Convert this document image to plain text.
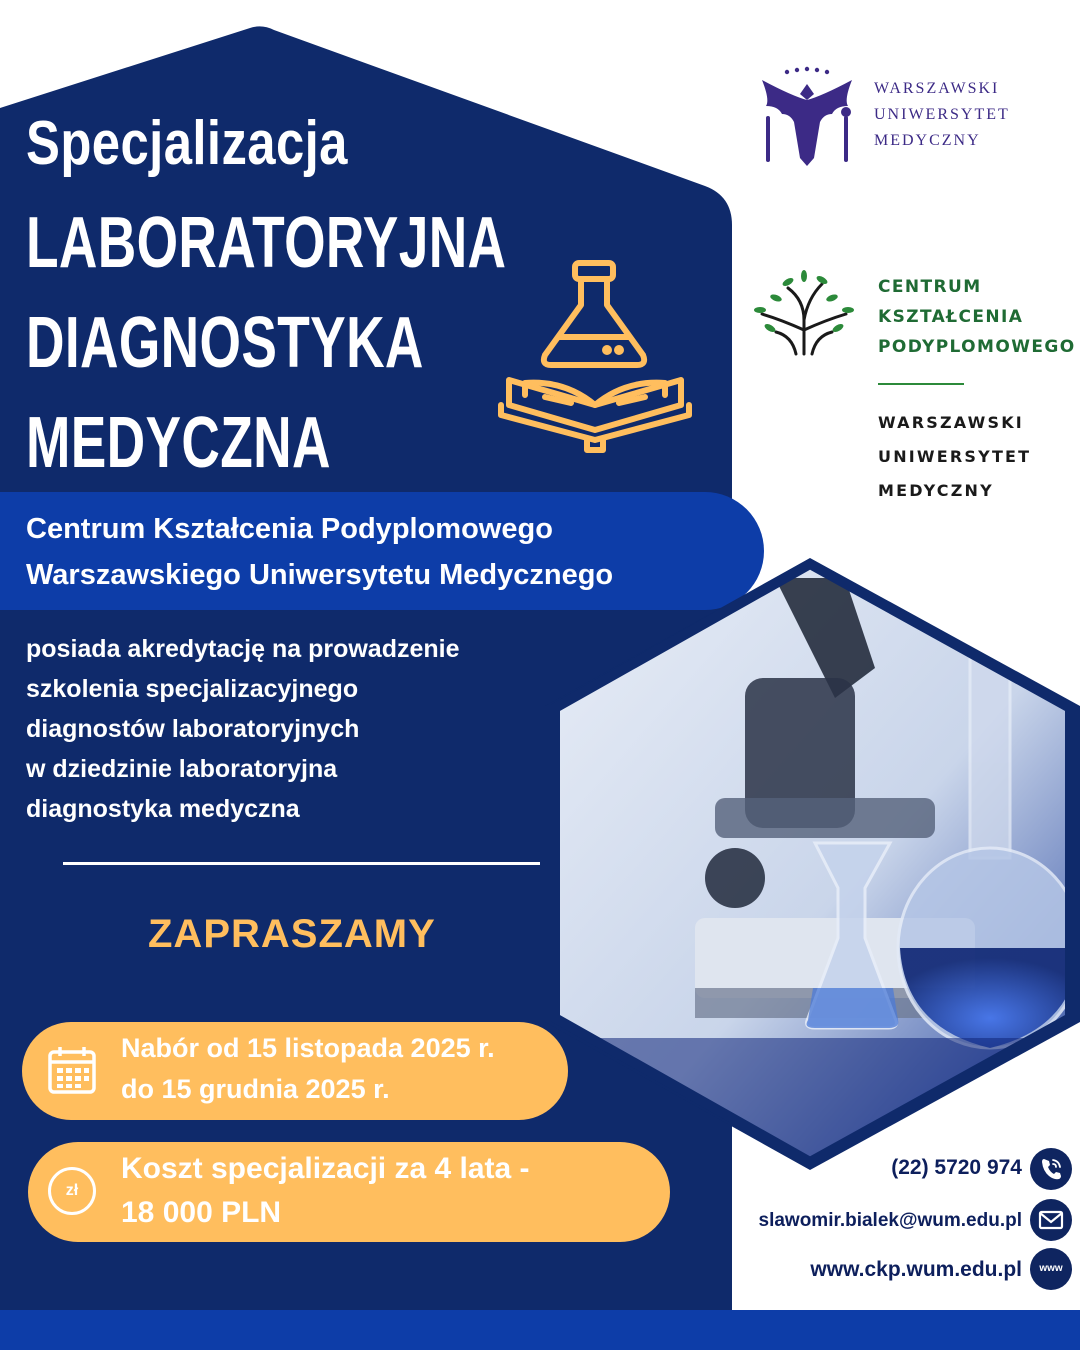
Specjalizacja
LABORATORYJNA
DIAGNOSTYKA
MEDYCZNA
Centrum Kształcenia Podyplomowego
Warszawskiego Uniwersytetu Medycznego
posiada akredytację na prowadzenie
szkolenia specjalizacyjnego
diagnostów laboratoryjnych
w dziedzinie laboratoryjna
diagnostyka medyczna
ZAPRASZAMY
Nabór od 15 listopada 2025 r.
do 15 grudnia 2025 r.
zł
Koszt specjalizacji za 4 lata -
18 000 PLN
WARSZAWSKI
UNIWERSYTET
MEDYCZNY
CENTRUM
KSZTAŁCENIA
PODYPLOMOWEGO
WARSZAWSKI
UNIWERSYTET
MEDYCZNY
(22) 5720 974
slawomir.bialek@wum.edu.pl
www.ckp.wum.edu.pl	www
